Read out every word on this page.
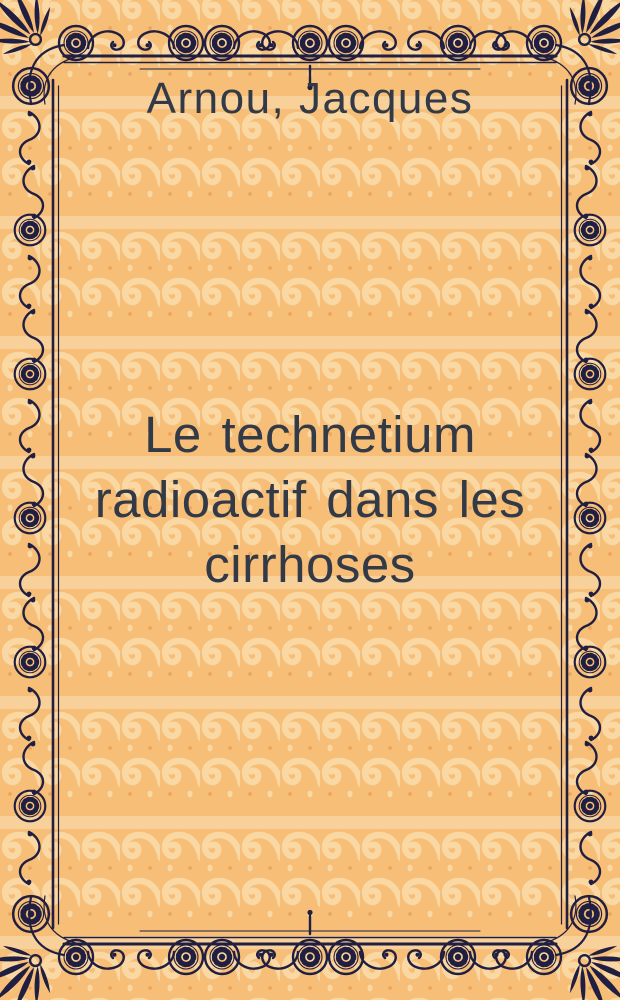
Arnou, Jacques
Le technetium
radioactif dans les
cirrhoses
